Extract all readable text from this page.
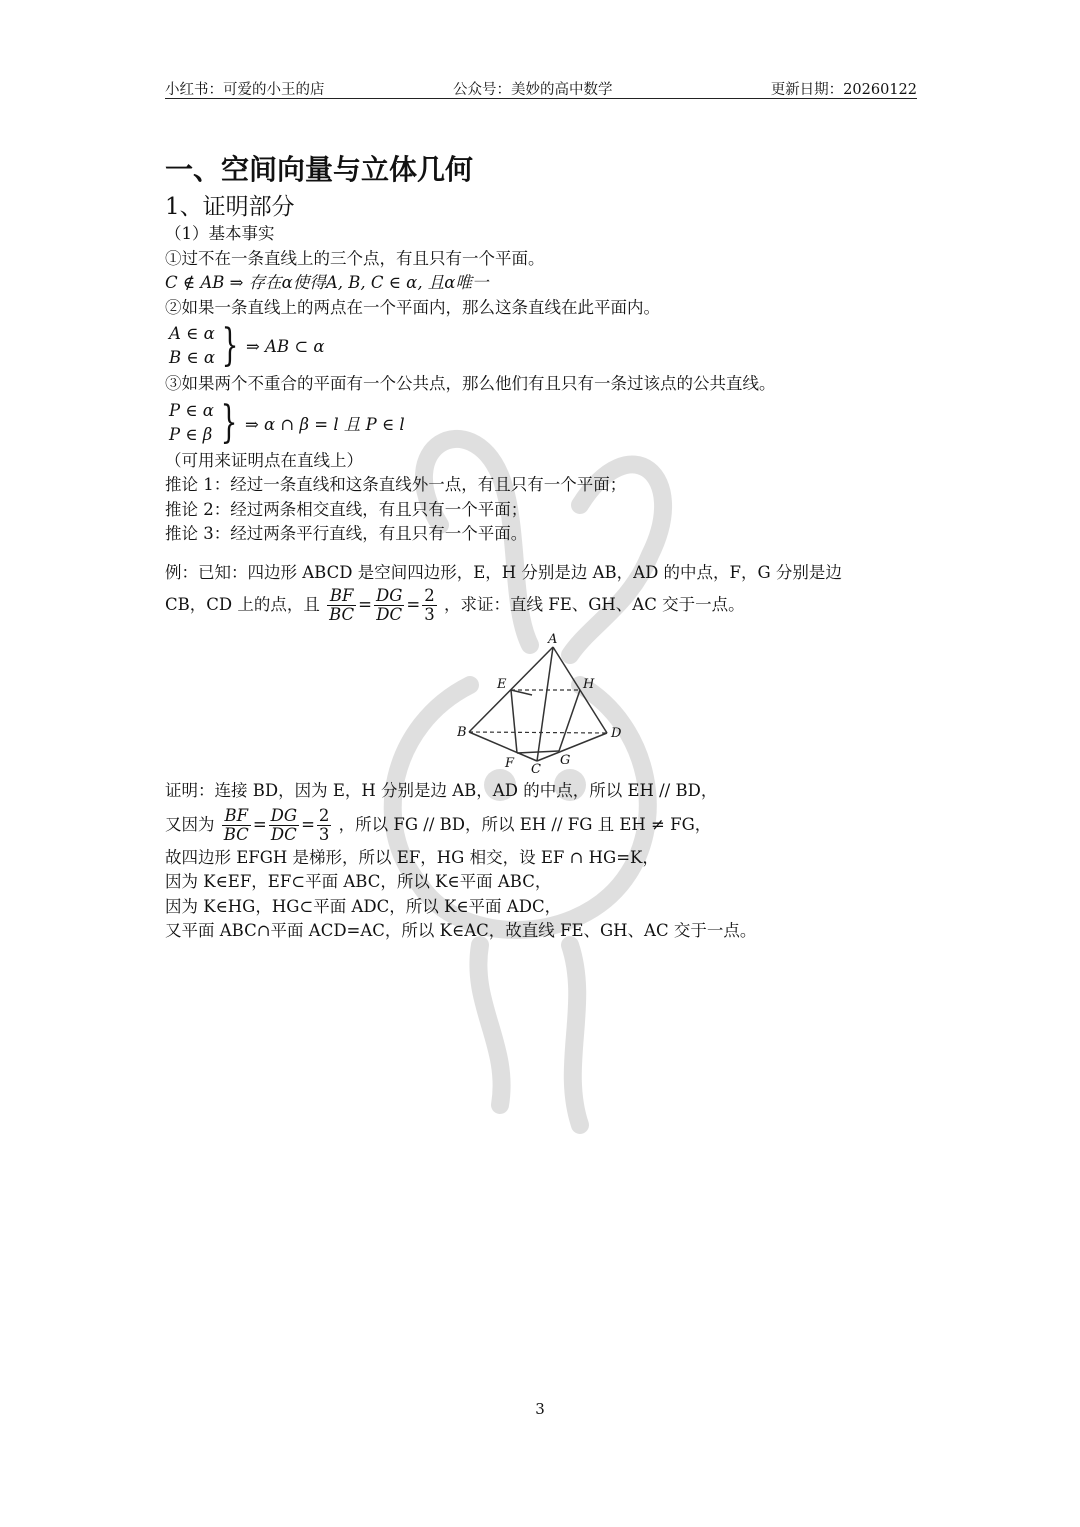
小红书：可爱的小王的店	公众号：美妙的高中数学	更新日期：20260122
一、空间向量与立体几何
1、证明部分
（1）基本事实
①过不在一条直线上的三个点，有且只有一个平面。
C ∉ AB ⇒ 存在α使得A, B, C ∈ α, 且α唯一
②如果一条直线上的两点在一个平面内，那么这条直线在此平面内。
A ∈ α
B ∈ α } ⇒ AB ⊂ α
③如果两个不重合的平面有一个公共点，那么他们有且只有一条过该点的公共直线。
P ∈ α
P ∈ β } ⇒ α ∩ β = l 且 P ∈ l
（可用来证明点在直线上）
推论 1：经过一条直线和这条直线外一点，有且只有一个平面；
推论 2：经过两条相交直线，有且只有一个平面；
推论 3：经过两条平行直线，有且只有一个平面。
例：已知：四边形 ABCD 是空间四边形，E，H 分别是边 AB，AD 的中点，F，G 分别是边
CB，CD 上的点，且 $\frac{BF}{BC} = \frac{DG}{DC} = \frac{2}{3}$ ，求证：直线 FE、GH、AC 交于一点。
A
B
C
D
E
F	G
H
证明：连接 BD，因为 E，H 分别是边 AB，AD 的中点，所以 EH // BD，
又因为 $\frac{BF}{BC} = \frac{DG}{DC} = \frac{2}{3}$ ，所以 FG // BD，所以 EH // FG 且 EH ≠ FG，
故四边形 EFGH 是梯形，所以 EF，HG 相交，设 EF ∩ HG=K，
因为 K∈EF，EF⊂平面 ABC，所以 K∈平面 ABC，
因为 K∈HG，HG⊂平面 ADC，所以 K∈平面 ADC，
又平面 ABC∩平面 ACD=AC，所以 K∈AC，故直线 FE、GH、AC 交于一点。
3
